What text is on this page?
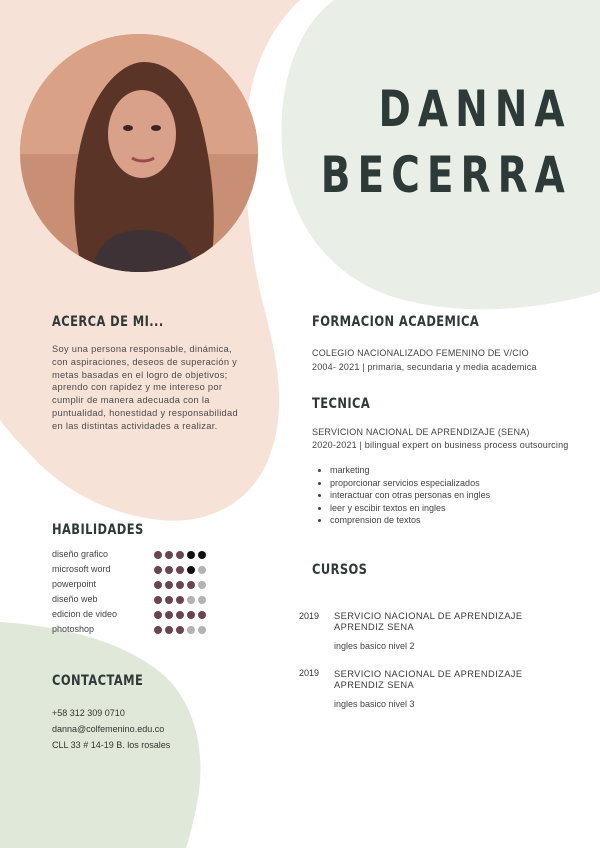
DANNA
BECERRA
ACERCA DE MI...

Soy una persona responsable, dinámica, con aspiraciones, deseos de superación y metas basadas en el logro de objetivos; aprendo con rapidez y me intereso por cumplir de manera adecuada con la puntualidad, honestidad y responsabilidad en las distintas actividades a realizar.

HABILIDADES
diseño grafico
microsoft word
powerpoint
diseño web
edicion de video
photoshop
CONTACTAME
+58 312 309 0710
danna@colfemenino.edu.co
CLL 33 # 14-19 B. los rosales
FORMACION ACADEMICA
COLEGIO NACIONALIZADO FEMENINO DE V/CIO
2004- 2021 | primaria, secundaria y media academica
TECNICA
SERVICION NACIONAL DE APRENDIZAJE (SENA)
2020-2021 | bilingual expert on business process outsourcing
• marketing
• proporcionar servicios especializados
• interactuar con otras personas en ingles
• leer y escibir textos en ingles
• comprension de textos
CURSOS
2019 SERVICIO NACIONAL DE APRENDIZAJE APRENDIZ SENA
ingles basico nivel 2
2019 SERVICIO NACIONAL DE APRENDIZAJE APRENDIZ SENA
ingles basico nivel 3
